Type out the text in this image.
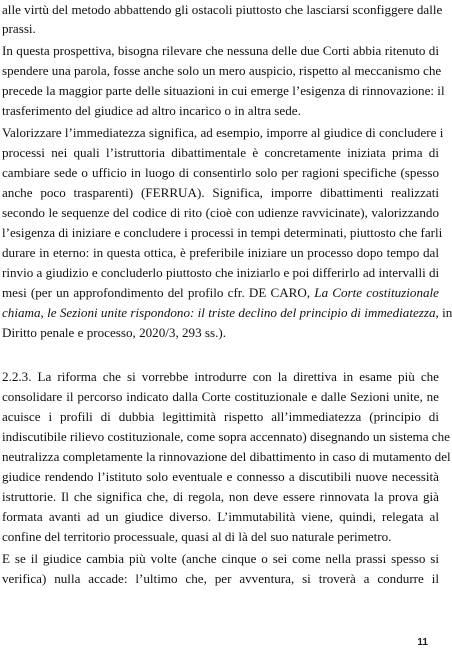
alle virtù del metodo abbattendo gli ostacoli piuttosto che lasciarsi sconfiggere dalle
prassi.
In questa prospettiva, bisogna rilevare che nessuna delle due Corti abbia ritenuto di
spendere una parola, fosse anche solo un mero auspicio, rispetto al meccanismo che
precede la maggior parte delle situazioni in cui emerge l’esigenza di rinnovazione: il
trasferimento del giudice ad altro incarico o in altra sede.
Valorizzare l’immediatezza significa, ad esempio, imporre al giudice di concludere i
processi nei quali l’istruttoria dibattimentale è concretamente iniziata prima di
cambiare sede o ufficio in luogo di consentirlo solo per ragioni specifiche (spesso
anche poco trasparenti) (FERRUA). Significa, imporre dibattimenti realizzati
secondo le sequenze del codice di rito (cioè con udienze ravvicinate), valorizzando
l’esigenza di iniziare e concludere i processi in tempi determinati, piuttosto che farli
durare in eterno: in questa ottica, è preferibile iniziare un processo dopo tempo dal
rinvio a giudizio e concluderlo piuttosto che iniziarlo e poi differirlo ad intervalli di
mesi (per un approfondimento del profilo cfr. DE CARO, La Corte costituzionale
chiama, le Sezioni unite rispondono: il triste declino del principio di immediatezza, in
Diritto penale e processo, 2020/3, 293 ss.).
2.2.3. La riforma che si vorrebbe introdurre con la direttiva in esame più che
consolidare il percorso indicato dalla Corte costituzionale e dalle Sezioni unite, ne
acuisce i profili di dubbia legittimità rispetto all’immediatezza (principio di
indiscutibile rilievo costituzionale, come sopra accennato) disegnando un sistema che
neutralizza completamente la rinnovazione del dibattimento in caso di mutamento del
giudice rendendo l’istituto solo eventuale e connesso a discutibili nuove necessità
istruttorie. Il che significa che, di regola, non deve essere rinnovata la prova già
formata avanti ad un giudice diverso. L’immutabilità viene, quindi, relegata al
confine del territorio processuale, quasi al di là del suo naturale perimetro.
E se il giudice cambia più volte (anche cinque o sei come nella prassi spesso si
verifica) nulla accade: l’ultimo che, per avventura, si troverà a condurre il
11
